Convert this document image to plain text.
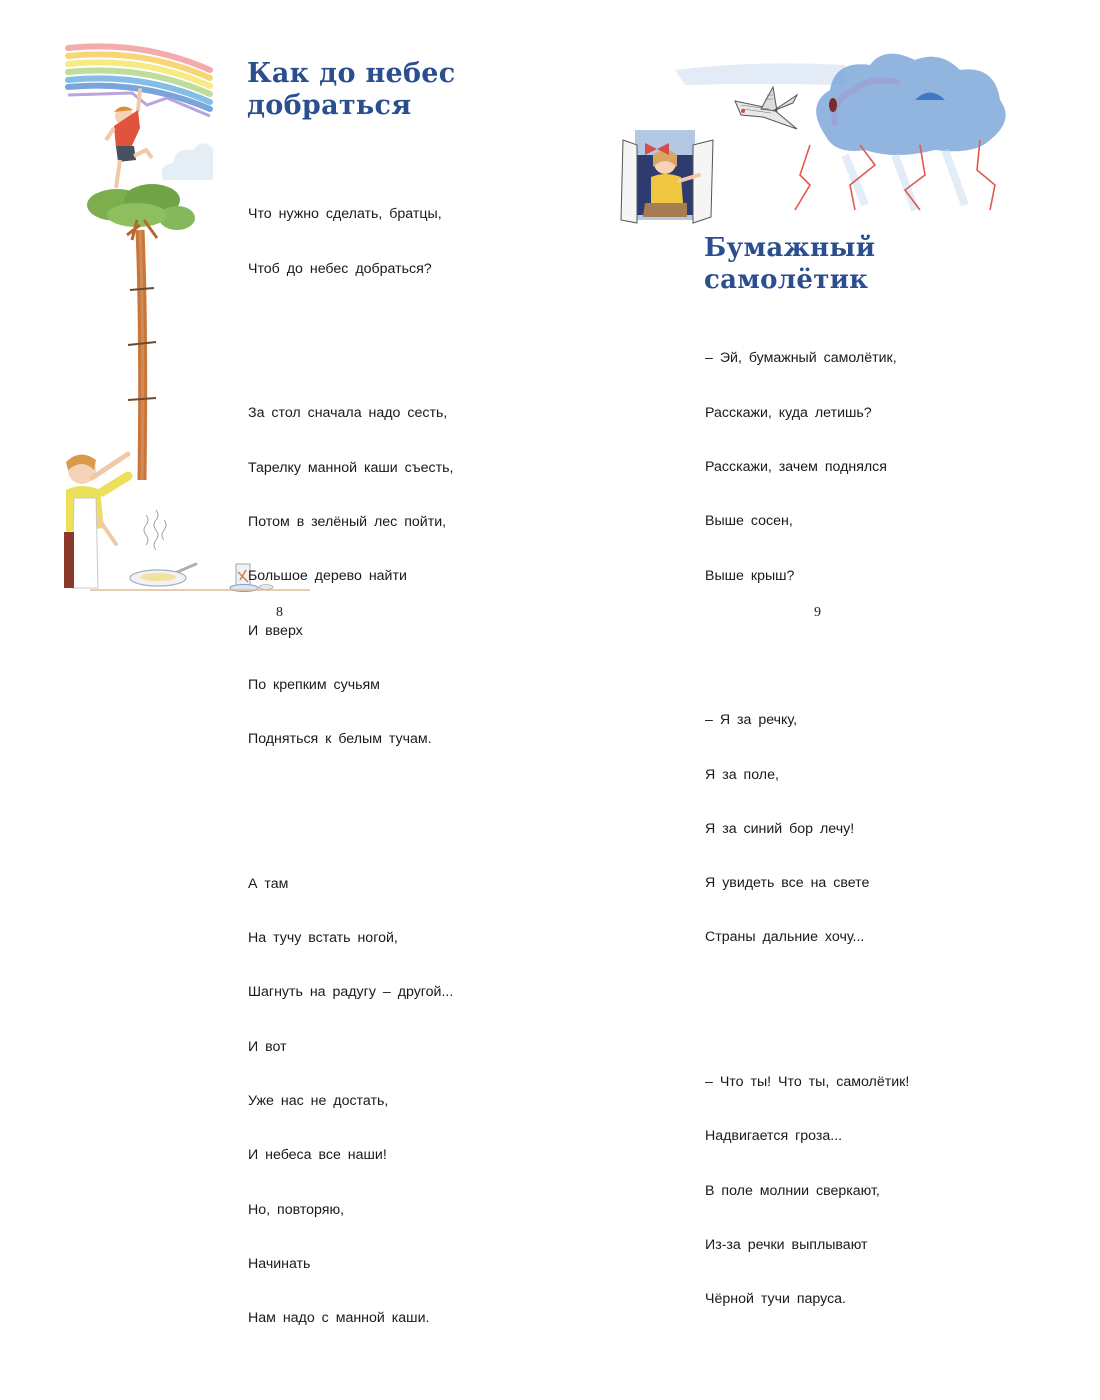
Как до небес
добраться

Что нужно сделать, братцы,

Чтоб до небес добраться?

За стол сначала надо сесть,

Тарелку манной каши съесть,

Потом в зелёный лес пойти,

Большое дерево найти

И вверх

По крепким сучьям

Подняться к белым тучам.

А там

На тучу встать ногой,

Шагнуть на радугу – другой...

И вот

Уже нас не достать,

И небеса все наши!

Но, повторяю,

Начинать

Нам надо с манной каши.

8
Бумажный самолётик

– Эй, бумажный самолётик,

Расскажи, куда летишь?

Расскажи, зачем поднялся

Выше сосен,

Выше крыш?

– Я за речку,

Я за поле,

Я за синий бор лечу!

Я увидеть все на свете

Страны дальние хочу...

– Что ты! Что ты, самолётик!

Надвигается гроза...

В поле молнии сверкают,

Из-за речки выплывают

Чёрной тучи паруса.

9
